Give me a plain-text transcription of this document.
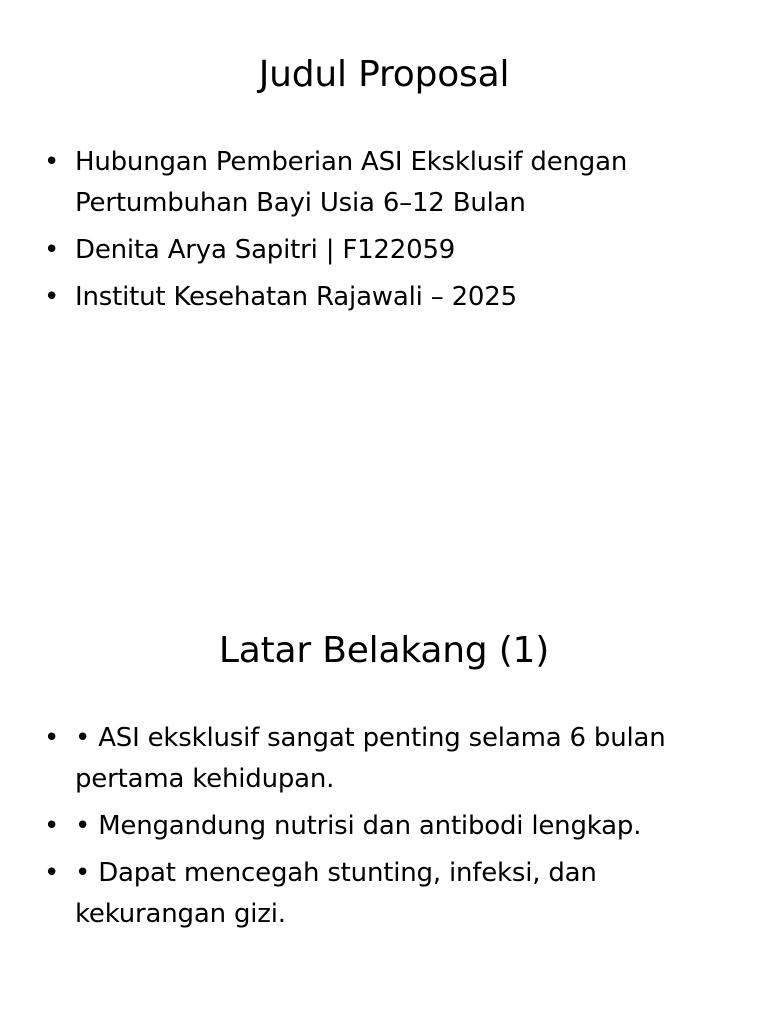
Judul Proposal
• Hubungan Pemberian ASI Eksklusif dengan Pertumbuhan Bayi Usia 6–12 Bulan
• Denita Arya Sapitri | F122059
• Institut Kesehatan Rajawali – 2025
Latar Belakang (1)
• • ASI eksklusif sangat penting selama 6 bulan pertama kehidupan.
• • Mengandung nutrisi dan antibodi lengkap.
• • Dapat mencegah stunting, infeksi, dan kekurangan gizi.
